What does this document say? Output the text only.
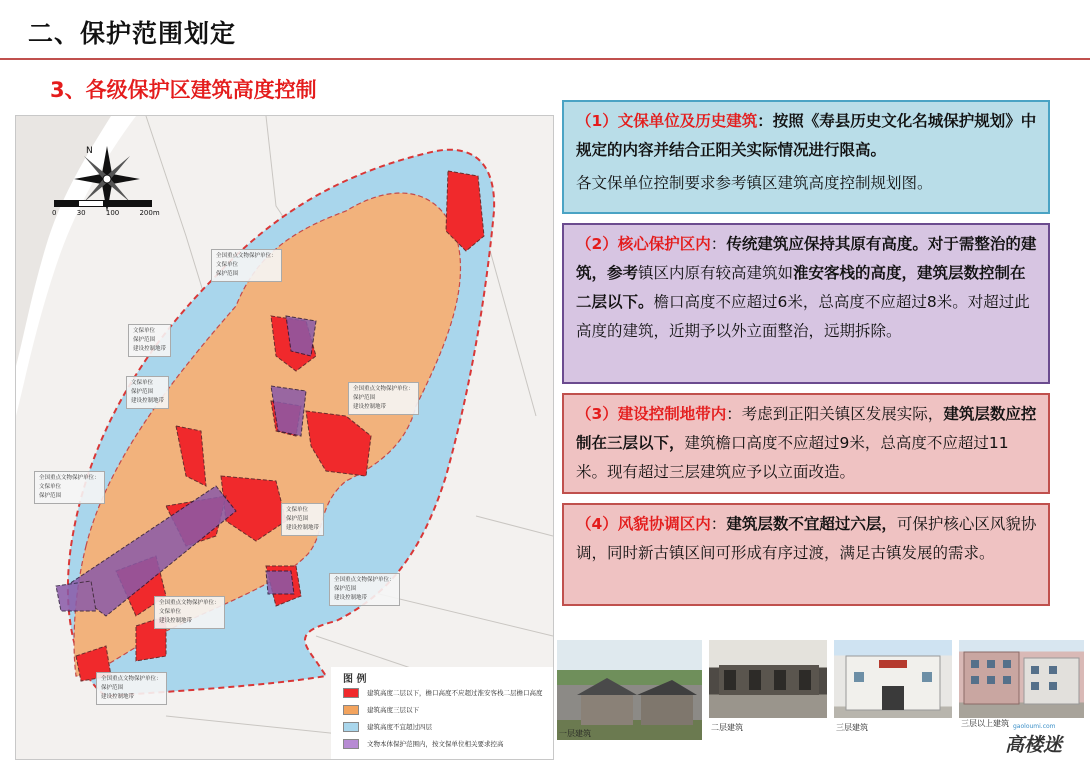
二、保护范围划定
3、各级保护区建筑高度控制
N
0	30	100	200m
全国重点文物保护单位：
文保单位
保护范围
文保单位
保护范围
建设控制地带
文保单位
保护范围
建设控制地带
全国重点文物保护单位：
保护范围
建设控制地带
全国重点文物保护单位：
文保单位
保护范围
文保单位
保护范围
建设控制地带
全国重点文物保护单位：
保护范围
建设控制地带
全国重点文物保护单位：
文保单位
建设控制地带
全国重点文物保护单位：
保护范围
建设控制地带
图 例
建筑高度二层以下，檐口高度不应超过淮安客栈二层檐口高度
建筑高度三层以下
建筑高度不宜超过四层
文物本体保护范围内，按文保单位相关要求控高
（1）文保单位及历史建筑：按照《寿县历史文化名城保护规划》中规定的内容并结合正阳关实际情况进行限高。
各文保单位控制要求参考镇区建筑高度控制规划图。
（2）核心保护区内：传统建筑应保持其原有高度。对于需整治的建筑，参考镇区内原有较高建筑如淮安客栈的高度，建筑层数控制在二层以下。檐口高度不应超过6米，总高度不应超过8米。对超过此高度的建筑，近期予以外立面整治，远期拆除。
（3）建设控制地带内：考虑到正阳关镇区发展实际，建筑层数应控制在三层以下，建筑檐口高度不应超过9米，总高度不应超过11米。现有超过三层建筑应予以立面改造。
（4）风貌协调区内：建筑层数不宜超过六层，可保护核心区风貌协调，同时新古镇区间可形成有序过渡，满足古镇发展的需求。
一层建筑
二层建筑	三层建筑	三层以上建筑 gaoloumi.com
高楼迷
